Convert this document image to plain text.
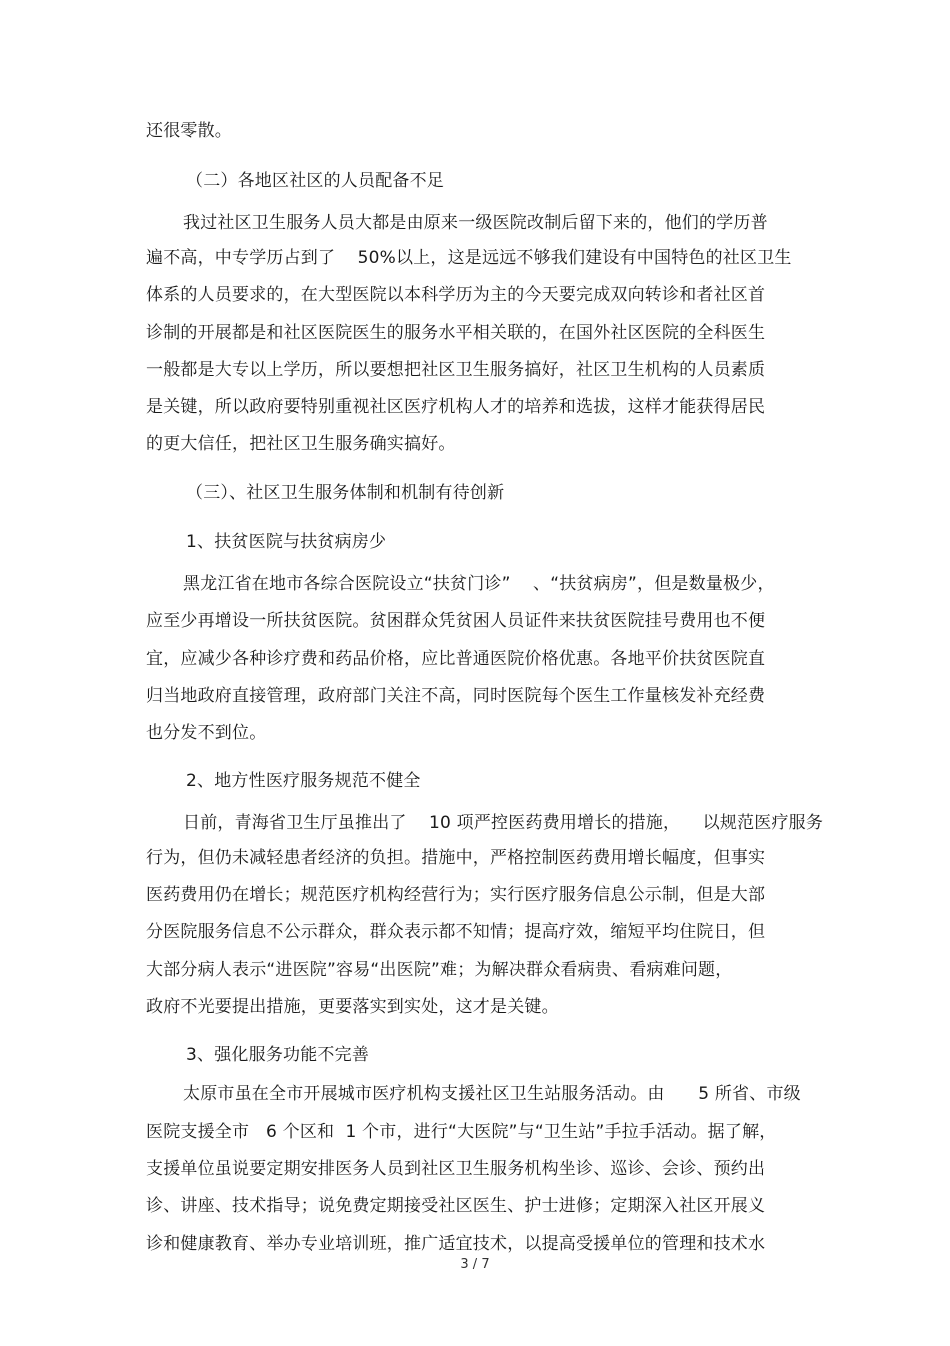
还很零散。
（二）各地区社区的人员配备不足
我过社区卫生服务人员大都是由原来一级医院改制后留下来的，他们的学历普
遍不高，中专学历占到了    50%以上，这是远远不够我们建设有中国特色的社区卫生
体系的人员要求的，在大型医院以本科学历为主的今天要完成双向转诊和者社区首
诊制的开展都是和社区医院医生的服务水平相关联的，在国外社区医院的全科医生
一般都是大专以上学历，所以要想把社区卫生服务搞好，社区卫生机构的人员素质
是关键，所以政府要特别重视社区医疗机构人才的培养和选拔，这样才能获得居民
的更大信任，把社区卫生服务确实搞好。
（三）、社区卫生服务体制和机制有待创新
1、扶贫医院与扶贫病房少
黑龙江省在地市各综合医院设立“扶贫门诊”    、“扶贫病房”，但是数量极少，
应至少再增设一所扶贫医院。贫困群众凭贫困人员证件来扶贫医院挂号费用也不便
宜，应减少各种诊疗费和药品价格，应比普通医院价格优惠。各地平价扶贫医院直
归当地政府直接管理，政府部门关注不高，同时医院每个医生工作量核发补充经费
也分发不到位。
2、地方性医疗服务规范不健全
日前，青海省卫生厅虽推出了    10 项严控医药费用增长的措施，    以规范医疗服务
行为，但仍未减轻患者经济的负担。措施中，严格控制医药费用增长幅度，但事实
医药费用仍在增长；规范医疗机构经营行为；实行医疗服务信息公示制，但是大部
分医院服务信息不公示群众，群众表示都不知情；提高疗效，缩短平均住院日，但
大部分病人表示“进医院”容易“出医院”难；为解决群众看病贵、看病难问题，
政府不光要提出措施，更要落实到实处，这才是关键。
3、强化服务功能不完善
太原市虽在全市开展城市医疗机构支援社区卫生站服务活动。由      5 所省、市级
医院支援全市   6 个区和  1 个市，进行“大医院”与“卫生站”手拉手活动。据了解，
支援单位虽说要定期安排医务人员到社区卫生服务机构坐诊、巡诊、会诊、预约出
诊、讲座、技术指导；说免费定期接受社区医生、护士进修；定期深入社区开展义
诊和健康教育、举办专业培训班，推广适宜技术，以提高受援单位的管理和技术水
3 / 7
